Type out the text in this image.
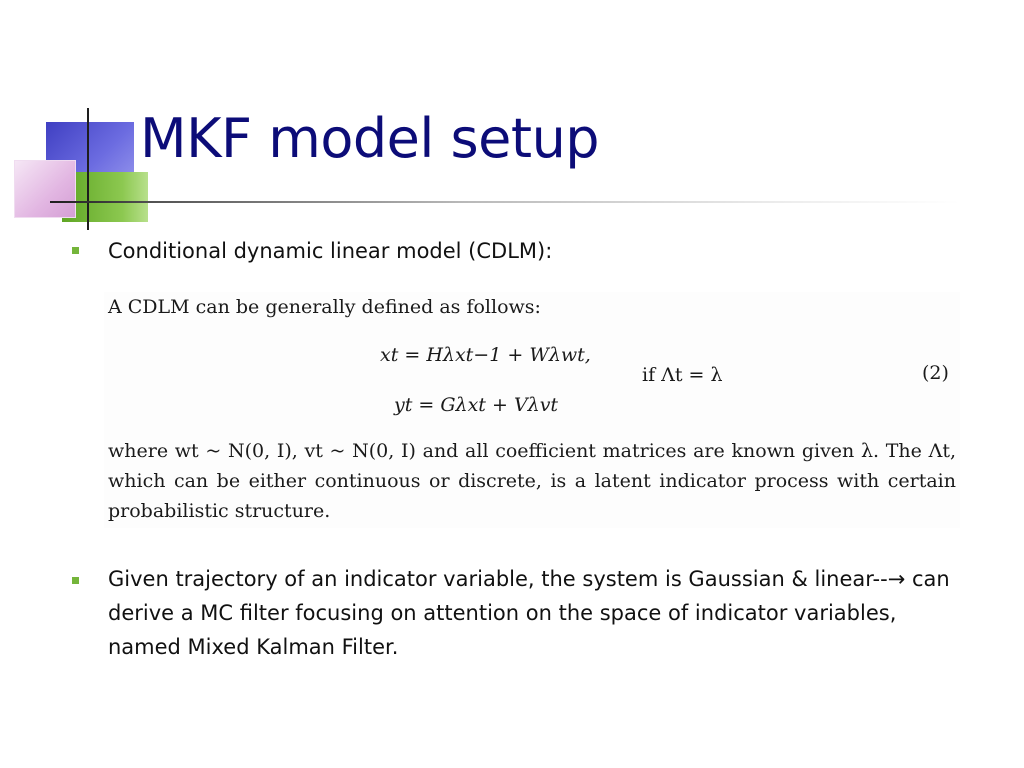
MKF model setup

Conditional dynamic linear model (CDLM):

A CDLM can be generally defined as follows:
xt = Hλxt−1 + Wλwt,
yt = Gλxt + Vλvt
if Λt = λ	(2)

where wt ~ N(0, I), vt ~ N(0, I) and all coefficient matrices are known given λ. The Λt, which can be either continuous or discrete, is a latent indicator process with certain probabilistic structure.

Given trajectory of an indicator variable, the system is Gaussian & linear--→ can derive a MC filter focusing on attention on the space of indicator variables, named Mixed Kalman Filter.
